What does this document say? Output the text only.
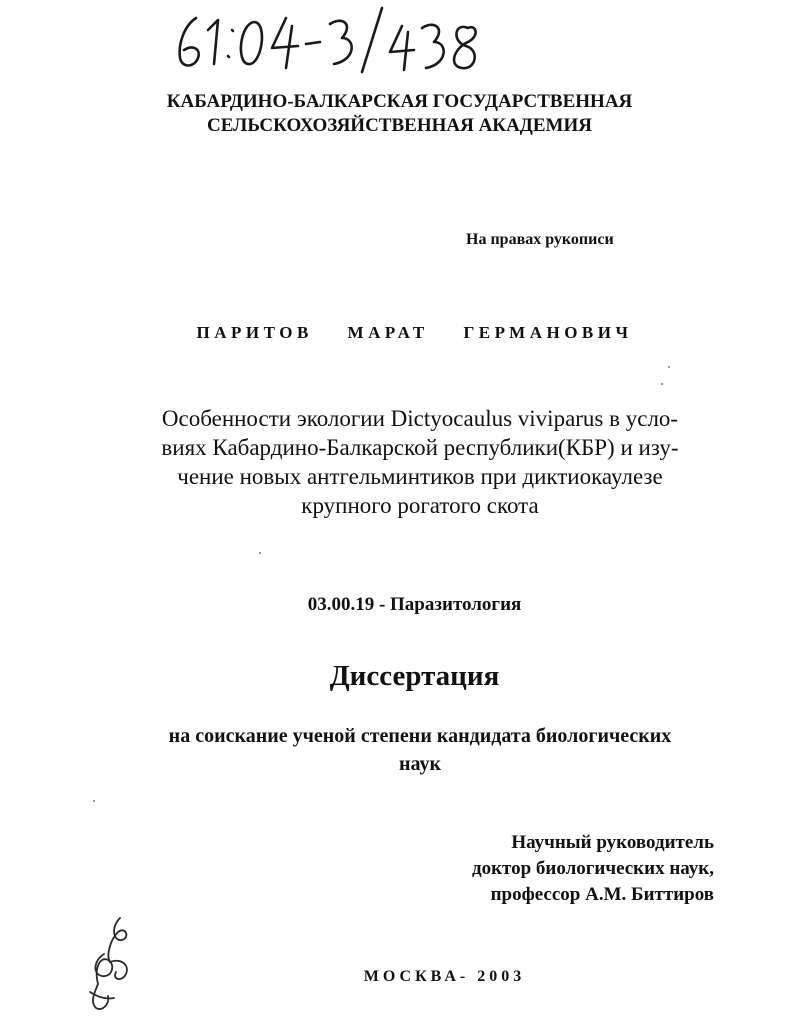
КАБАРДИНО-БАЛКАРСКАЯ ГОСУДАРСТВЕННАЯ
СЕЛЬСКОХОЗЯЙСТВЕННАЯ АКАДЕМИЯ
На правах рукописи
ПАРИТОВ МАРАТ ГЕРМАНОВИЧ
Особенности экологии Dictyocaulus viviparus в усло-
виях Кабардино-Балкарской республики(КБР) и изу-
чение новых антгельминтиков при диктиокаулезе
крупного рогатого скота
03.00.19 - Паразитология
Диссертация
на соискание ученой степени кандидата биологических
наук
Научный руководитель
доктор биологических наук,
профессор А.М. Биттиров
МОСКВА- 2003
